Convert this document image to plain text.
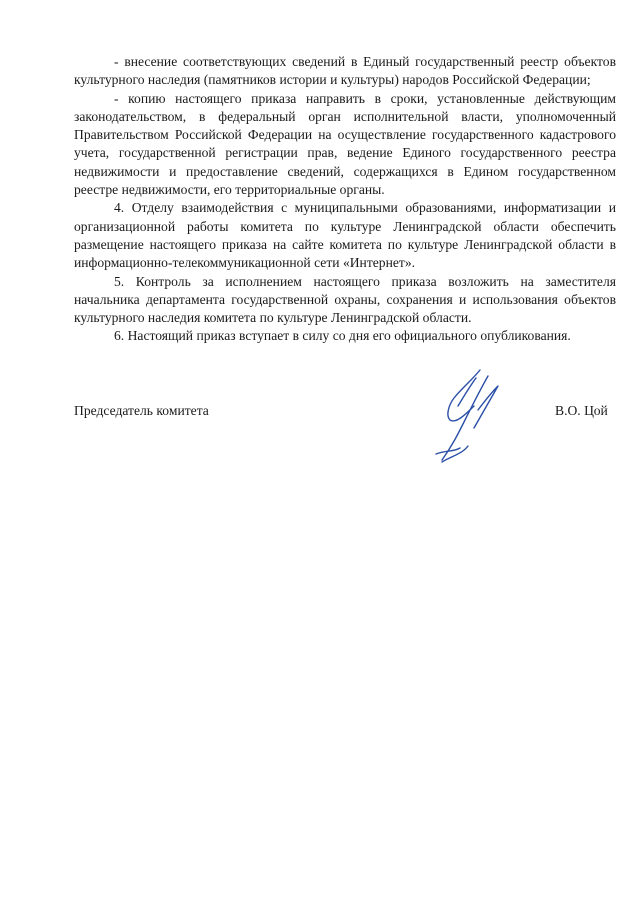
- внесение соответствующих сведений в Единый государственный реестр объектов культурного наследия (памятников истории и культуры) народов Российской Федерации;

- копию настоящего приказа направить в сроки, установленные действующим законодательством, в федеральный орган исполнительной власти, уполномоченный Правительством Российской Федерации на осуществление государственного кадастрового учета, государственной регистрации прав, ведение Единого государственного реестра недвижимости и предоставление сведений, содержащихся в Едином государственном реестре недвижимости, его территориальные органы.

4. Отделу взаимодействия с муниципальными образованиями, информатизации и организационной работы комитета по культуре Ленинградской области обеспечить размещение настоящего приказа на сайте комитета по культуре Ленинградской области в информационно-телекоммуникационной сети «Интернет».

5. Контроль за исполнением настоящего приказа возложить на заместителя начальника департамента государственной охраны, сохранения и использования объектов культурного наследия комитета по культуре Ленинградской области.

6. Настоящий приказ вступает в силу со дня его официального опубликования.

Председатель комитета	В.О. Цой
